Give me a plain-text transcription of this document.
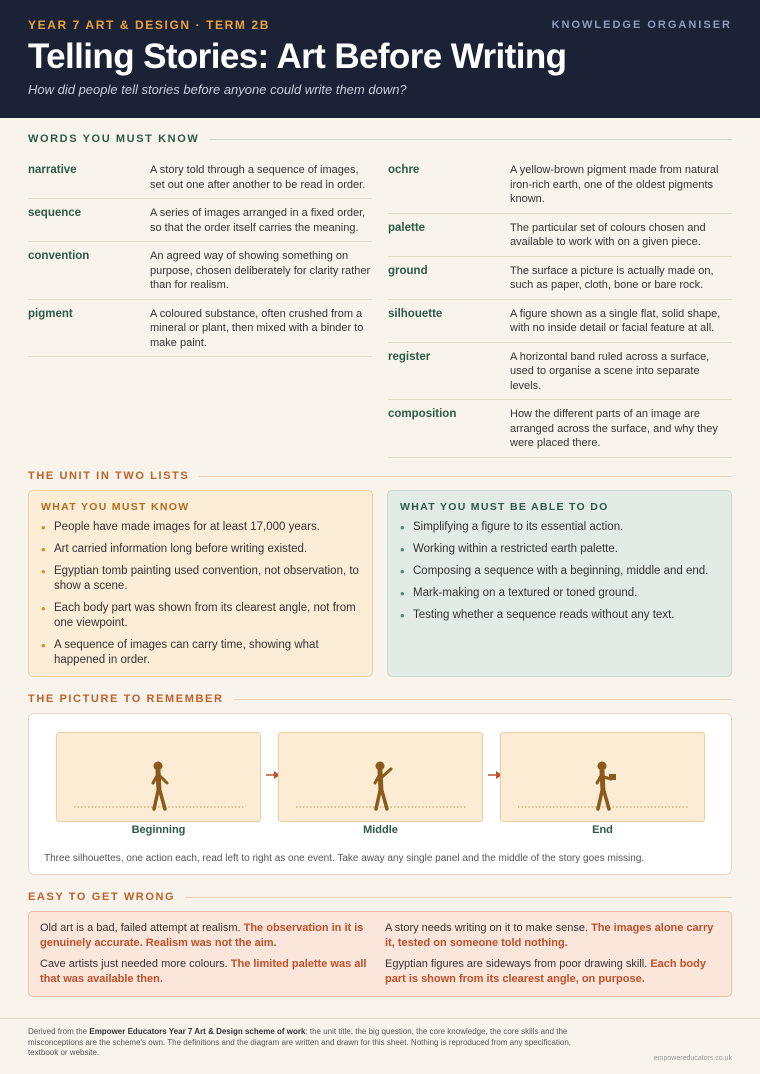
YEAR 7 ART & DESIGN · TERM 2B	KNOWLEDGE ORGANISER
Telling Stories: Art Before Writing
How did people tell stories before anyone could write them down?
WORDS YOU MUST KNOW
narrative	A story told through a sequence of images, set out one after another to be read in order.
sequence	A series of images arranged in a fixed order, so that the order itself carries the meaning.
convention	An agreed way of showing something on purpose, chosen deliberately for clarity rather than for realism.
pigment	A coloured substance, often crushed from a mineral or plant, then mixed with a binder to make paint.
ochre	A yellow-brown pigment made from natural iron-rich earth, one of the oldest pigments known.
palette	The particular set of colours chosen and available to work with on a given piece.
ground	The surface a picture is actually made on, such as paper, cloth, bone or bare rock.
silhouette	A figure shown as a single flat, solid shape, with no inside detail or facial feature at all.
register	A horizontal band ruled across a surface, used to organise a scene into separate levels.
composition	How the different parts of an image are arranged across the surface, and why they were placed there.
THE UNIT IN TWO LISTS
WHAT YOU MUST KNOW
• People have made images for at least 17,000 years.
• Art carried information long before writing existed.
• Egyptian tomb painting used convention, not observation, to show a scene.
• Each body part was shown from its clearest angle, not from one viewpoint.
• A sequence of images can carry time, showing what happened in order.
WHAT YOU MUST BE ABLE TO DO
• Simplifying a figure to its essential action.
• Working within a restricted earth palette.
• Composing a sequence with a beginning, middle and end.
• Mark-making on a textured or toned ground.
• Testing whether a sequence reads without any text.
THE PICTURE TO REMEMBER
Beginning	Middle	End
Three silhouettes, one action each, read left to right as one event. Take away any single panel and the middle of the story goes missing.
EASY TO GET WRONG
Old art is a bad, failed attempt at realism. The observation in it is genuinely accurate. Realism was not the aim.
Cave artists just needed more colours. The limited palette was all that was available then.
A story needs writing on it to make sense. The images alone carry it, tested on someone told nothing.
Egyptian figures are sideways from poor drawing skill. Each body part is shown from its clearest angle, on purpose.
Derived from the Empower Educators Year 7 Art & Design scheme of work: the unit title, the big question, the core knowledge, the core skills and the misconceptions are the scheme's own. The definitions and the diagram are written and drawn for this sheet. Nothing is reproduced from any specification, textbook or website.
empowereducators.co.uk
